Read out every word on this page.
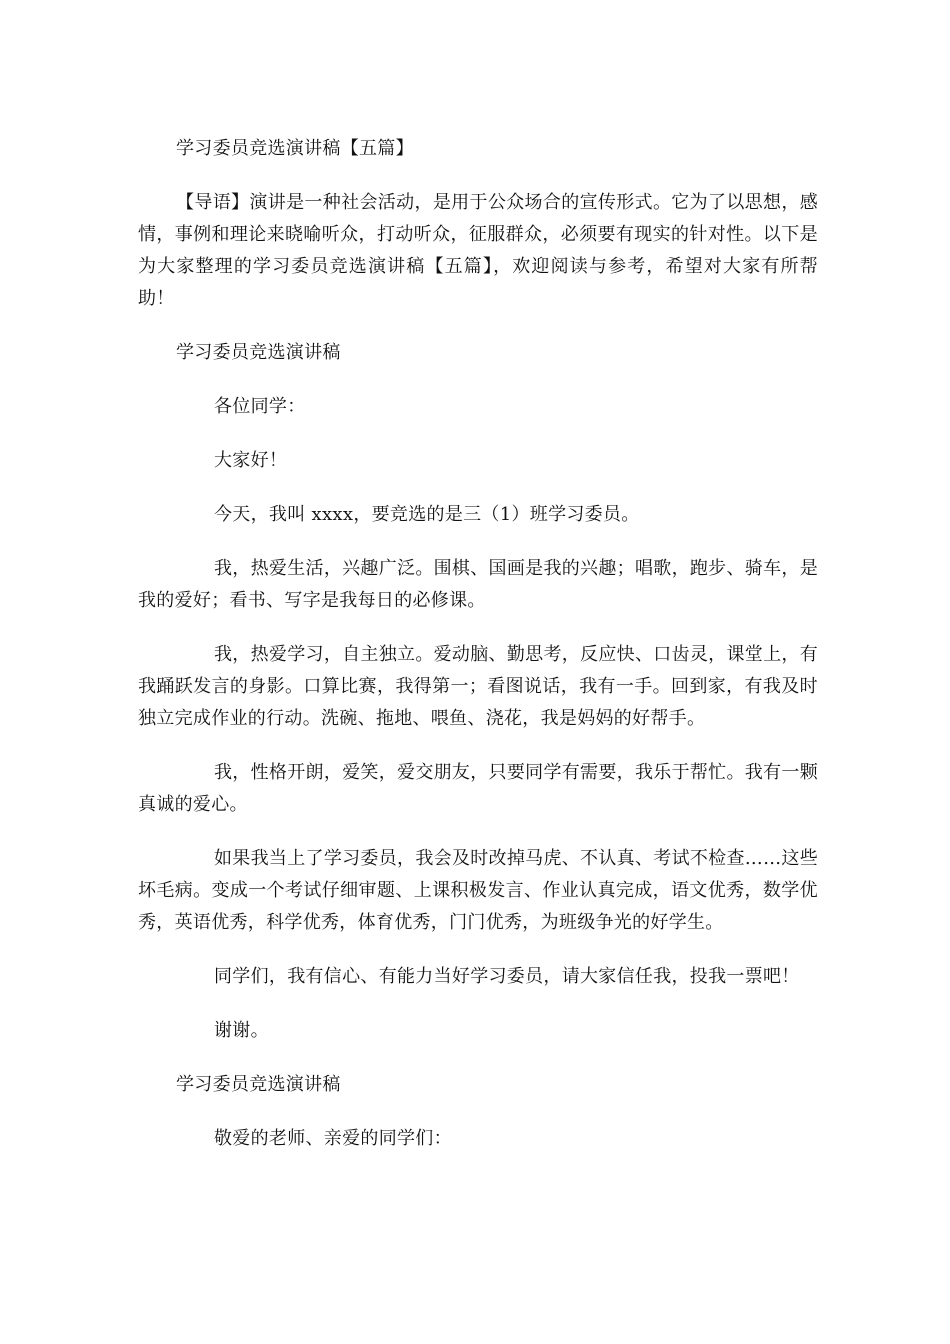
学习委员竞选演讲稿【五篇】

【导语】演讲是一种社会活动，是用于公众场合的宣传形式。它为了以思想，感情，事例和理论来晓喻听众，打动听众，征服群众，必须要有现实的针对性。以下是为大家整理的学习委员竞选演讲稿【五篇】，欢迎阅读与参考，希望对大家有所帮助！

学习委员竞选演讲稿

各位同学：

大家好！

今天，我叫 xxxx，要竞选的是三（1）班学习委员。

我，热爱生活，兴趣广泛。围棋、国画是我的兴趣；唱歌，跑步、骑车，是我的爱好；看书、写字是我每日的必修课。

我，热爱学习，自主独立。爱动脑、勤思考，反应快、口齿灵，课堂上，有我踊跃发言的身影。口算比赛，我得第一；看图说话，我有一手。回到家，有我及时独立完成作业的行动。洗碗、拖地、喂鱼、浇花，我是妈妈的好帮手。

我，性格开朗，爱笑，爱交朋友，只要同学有需要，我乐于帮忙。我有一颗真诚的爱心。

如果我当上了学习委员，我会及时改掉马虎、不认真、考试不检查……这些坏毛病。变成一个考试仔细审题、上课积极发言、作业认真完成，语文优秀，数学优秀，英语优秀，科学优秀，体育优秀，门门优秀，为班级争光的好学生。

同学们，我有信心、有能力当好学习委员，请大家信任我，投我一票吧！

谢谢。

学习委员竞选演讲稿

敬爱的老师、亲爱的同学们：
